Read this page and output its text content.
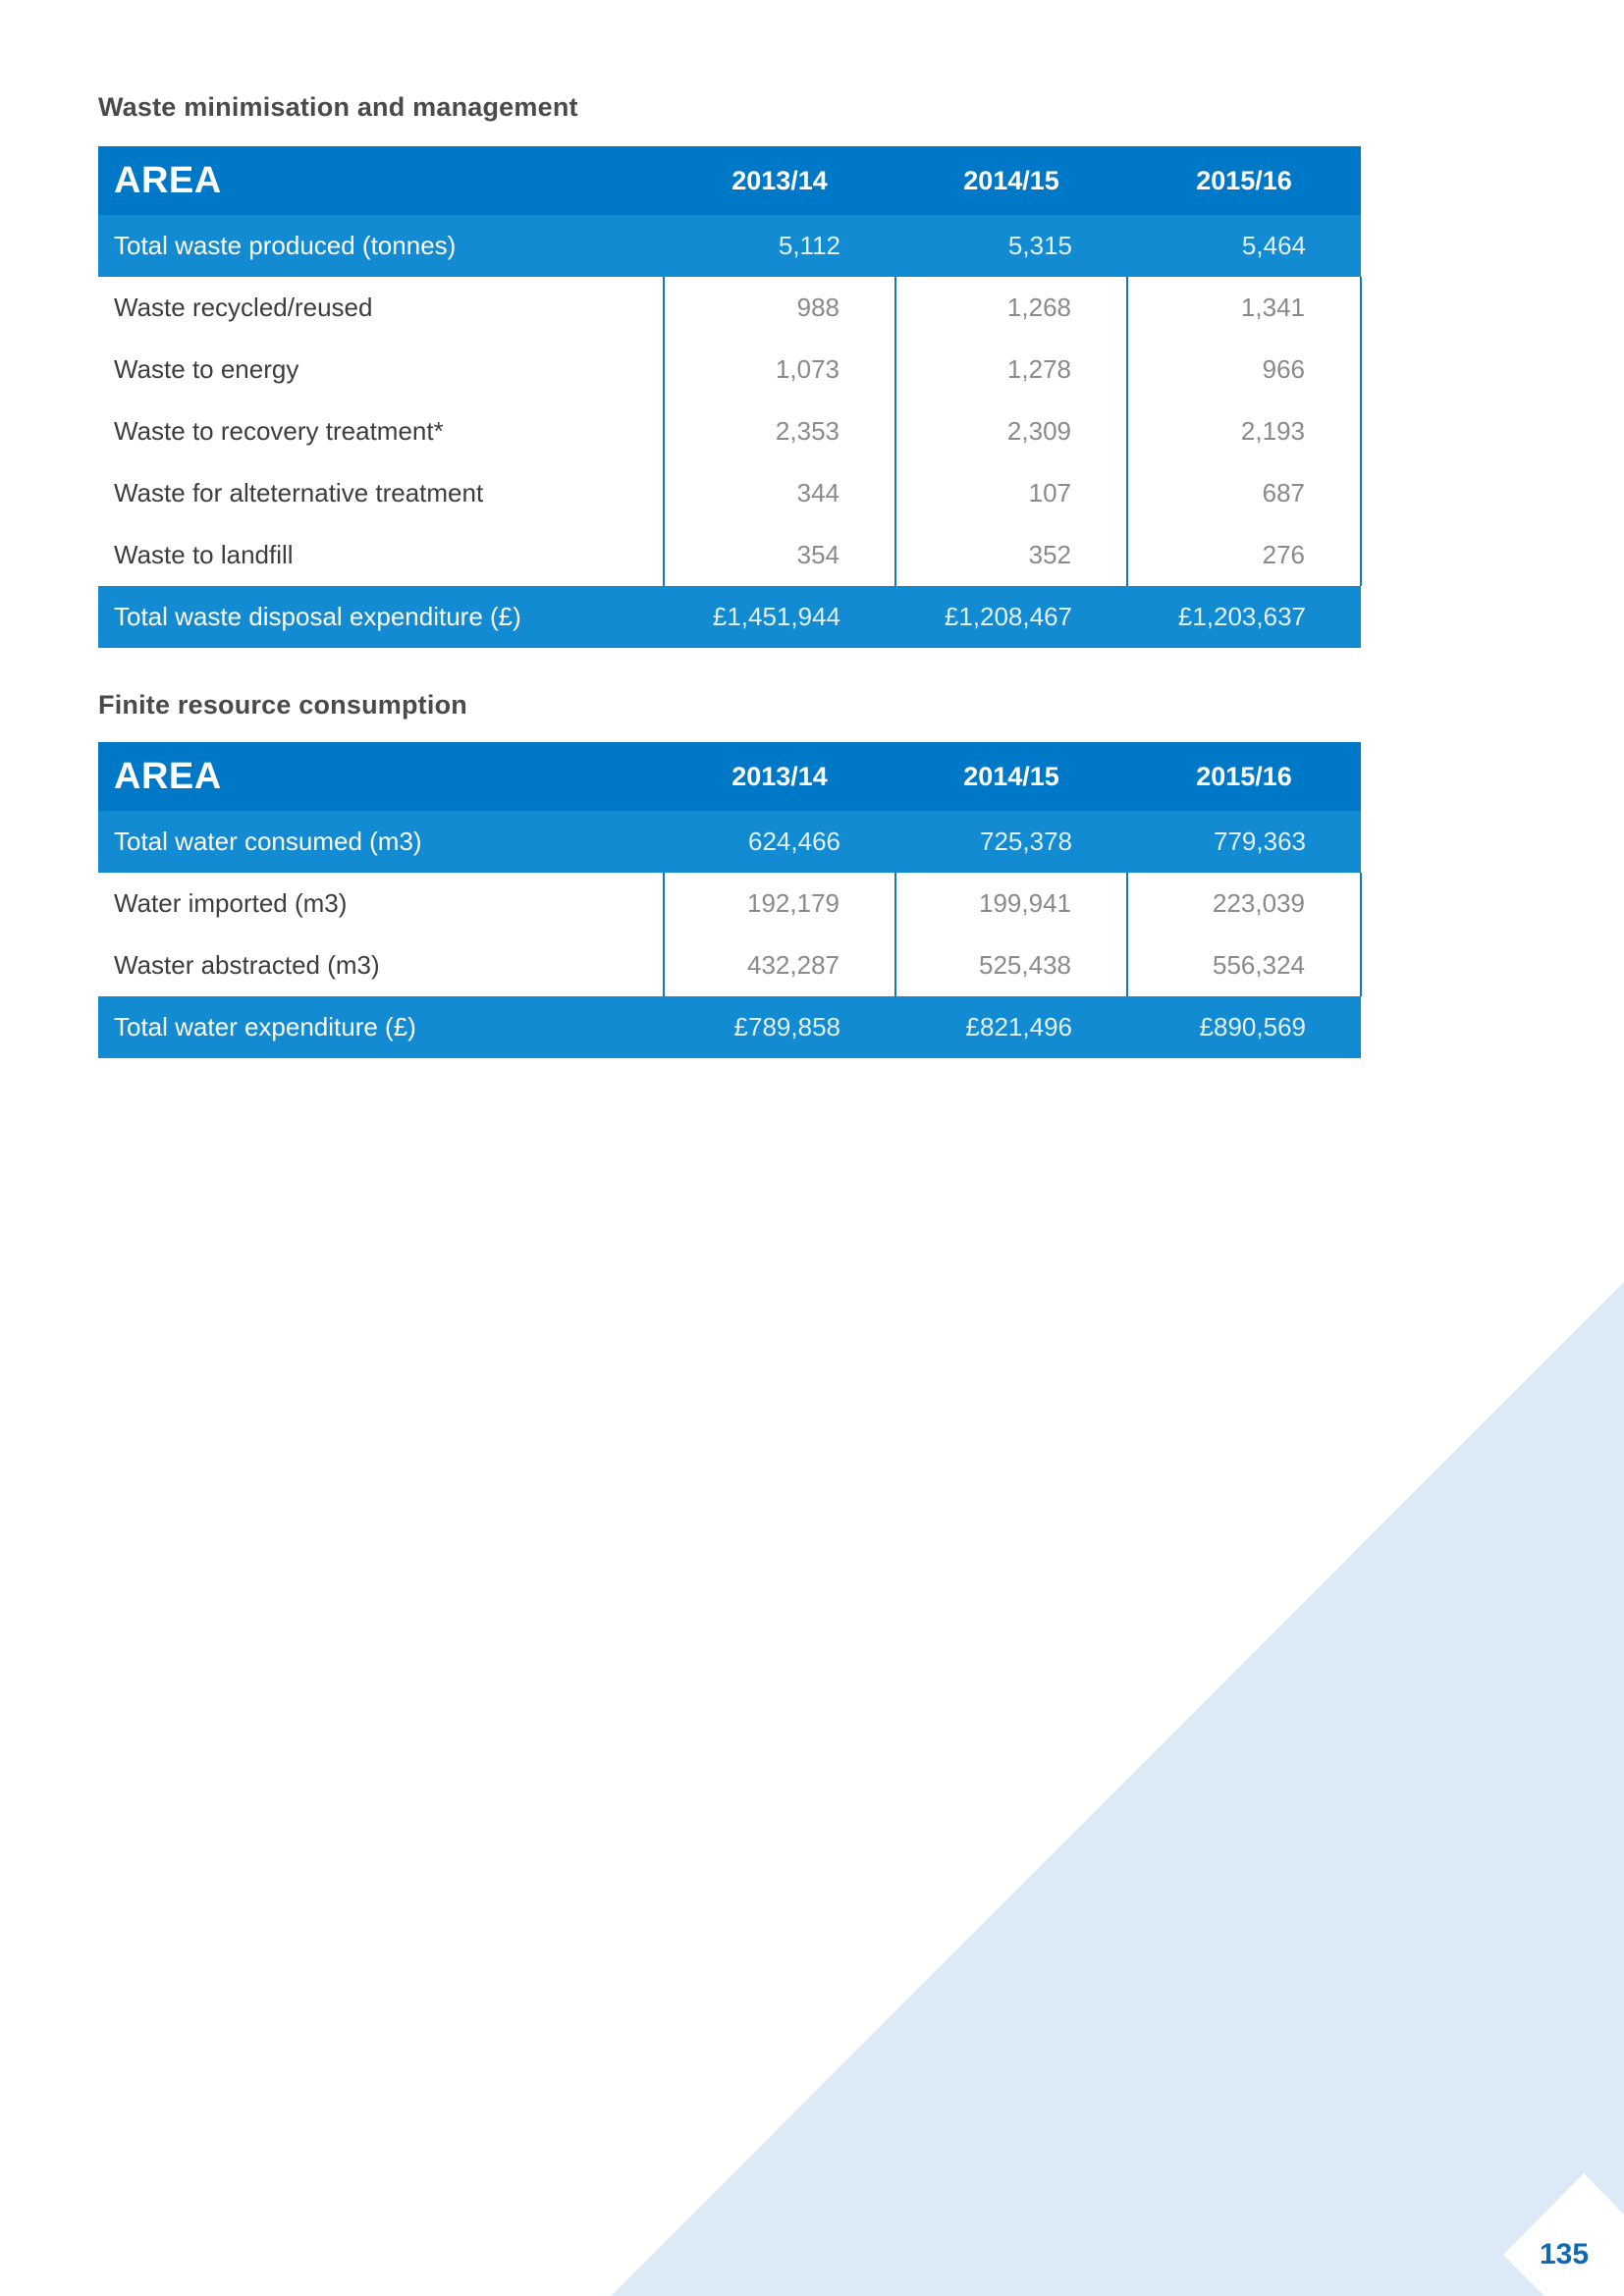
Waste minimisation and management
AREA	2013/14	2014/15	2015/16
Total waste produced (tonnes)	5,112	5,315	5,464
Waste recycled/reused	988	1,268	1,341
Waste to energy	1,073	1,278	966
Waste to recovery treatment*	2,353	2,309	2,193
Waste for alteternative treatment	344	107	687
Waste to landfill	354	352	276
Total waste disposal expenditure (£)	£1,451,944	£1,208,467	£1,203,637
Finite resource consumption
AREA	2013/14	2014/15	2015/16
Total water consumed (m3)	624,466	725,378	779,363
Water imported (m3)	192,179	199,941	223,039
Waster abstracted (m3)	432,287	525,438	556,324
Total water expenditure (£)	£789,858	£821,496	£890,569
135
